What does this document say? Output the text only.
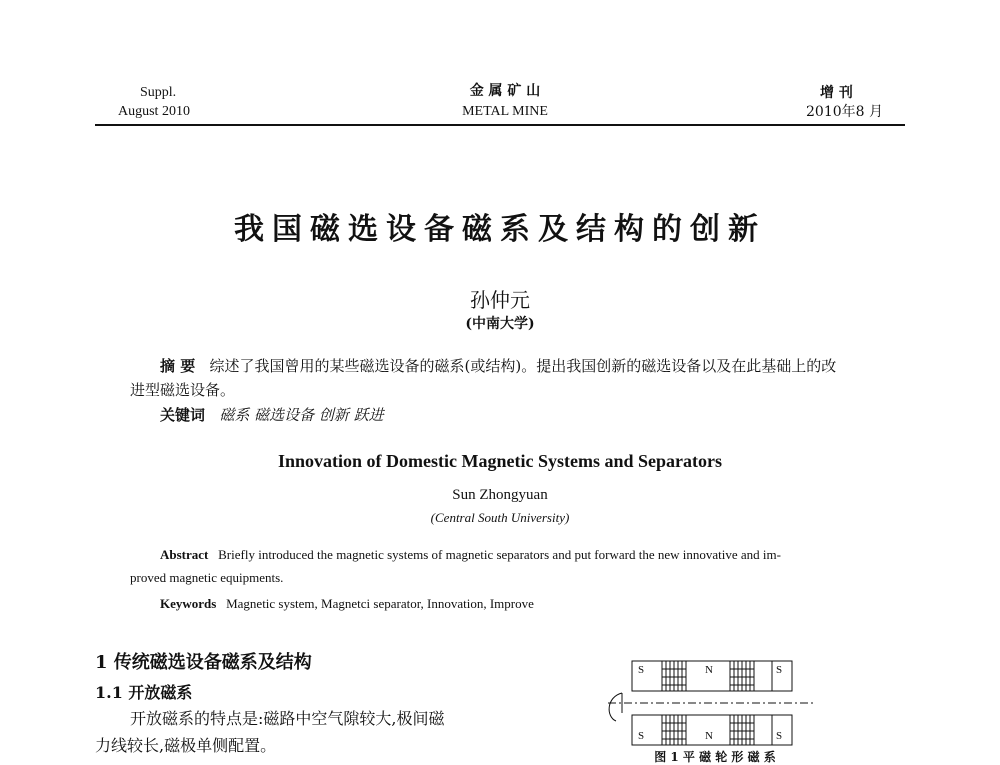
Suppl.
August 2010
金 属 矿 山
METAL MINE
增 刊
2010年8 月
我国磁选设备磁系及结构的创新
孙仲元
(中南大学)
摘 要 综述了我国曾用的某些磁选设备的磁系(或结构)。提出我国创新的磁选设备以及在此基础上的改
进型磁选设备。
关键词 磁系 磁选设备 创新 跃进
Innovation of Domestic Magnetic Systems and Separators
Sun Zhongyuan
(Central South University)
Abstract Briefly introduced the magnetic systems of magnetic separators and put forward the new innovative and im-
proved magnetic equipments.
Keywords Magnetic system, Magnetci separator, Innovation, Improve
1 传统磁选设备磁系及结构
1.1 开放磁系
开放磁系的特点是:磁路中空气隙较大,极间磁
力线较长,磁极单侧配置。
S	N	S
S	N	S
图 1 平 磁 轮 形 磁 系
